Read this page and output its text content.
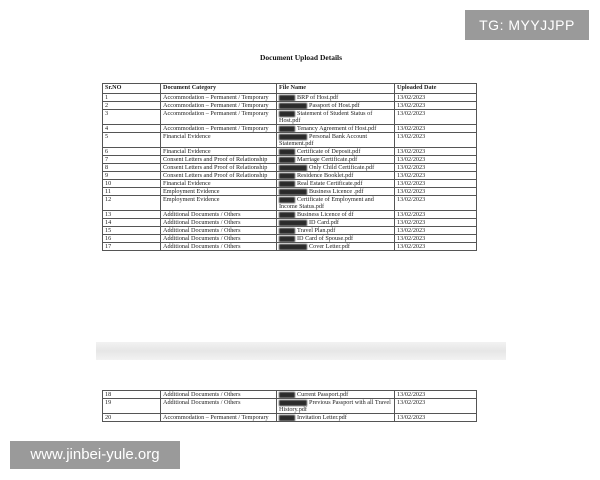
Document Upload Details
Sr.NO	Document Category	File Name	Uploaded Date
1	Accommodation – Permanent / Temporary	BRP of Host.pdf	13/02/2023
2	Accommodation – Permanent / Temporary	Passport of Host.pdf	13/02/2023
3	Accommodation – Permanent / Temporary	Statement of Student Status of Host.pdf	13/02/2023
4	Accommodation – Permanent / Temporary	Tenancy Agreement of Host.pdf	13/02/2023
5	Financial Evidence	Personal Bank Account Statement.pdf	13/02/2023
6	Financial Evidence	Certificate of Deposit.pdf	13/02/2023
7	Consent Letters and Proof of Relationship	Marriage Certificate.pdf	13/02/2023
8	Consent Letters and Proof of Relationship	Only Child Certificate.pdf	13/02/2023
9	Consent Letters and Proof of Relationship	Residence Booklet.pdf	13/02/2023
10	Financial Evidence	Real Estate Certificate.pdf	13/02/2023
11	Employment Evidence	Business Licence .pdf	13/02/2023
12	Employment Evidence	Certificate of Employment and Income Status.pdf	13/02/2023
13	Additional Documents / Others	Business Licence of df	13/02/2023
14	Additional Documents / Others	ID Card.pdf	13/02/2023
15	Additional Documents / Others	Travel Plan.pdf	13/02/2023
16	Additional Documents / Others	ID Card of Spouse.pdf	13/02/2023
17	Additional Documents / Others	Cover Letter.pdf	13/02/2023
18	Additional Documents / Others	Current Passport.pdf	13/02/2023
19	Additional Documents / Others	Previous Passport with all Travel History.pdf	13/02/2023
20	Accommodation – Permanent / Temporary	Invitation Letter.pdf	13/02/2023
TG: MYYJJPP
www.jinbei-yule.org
